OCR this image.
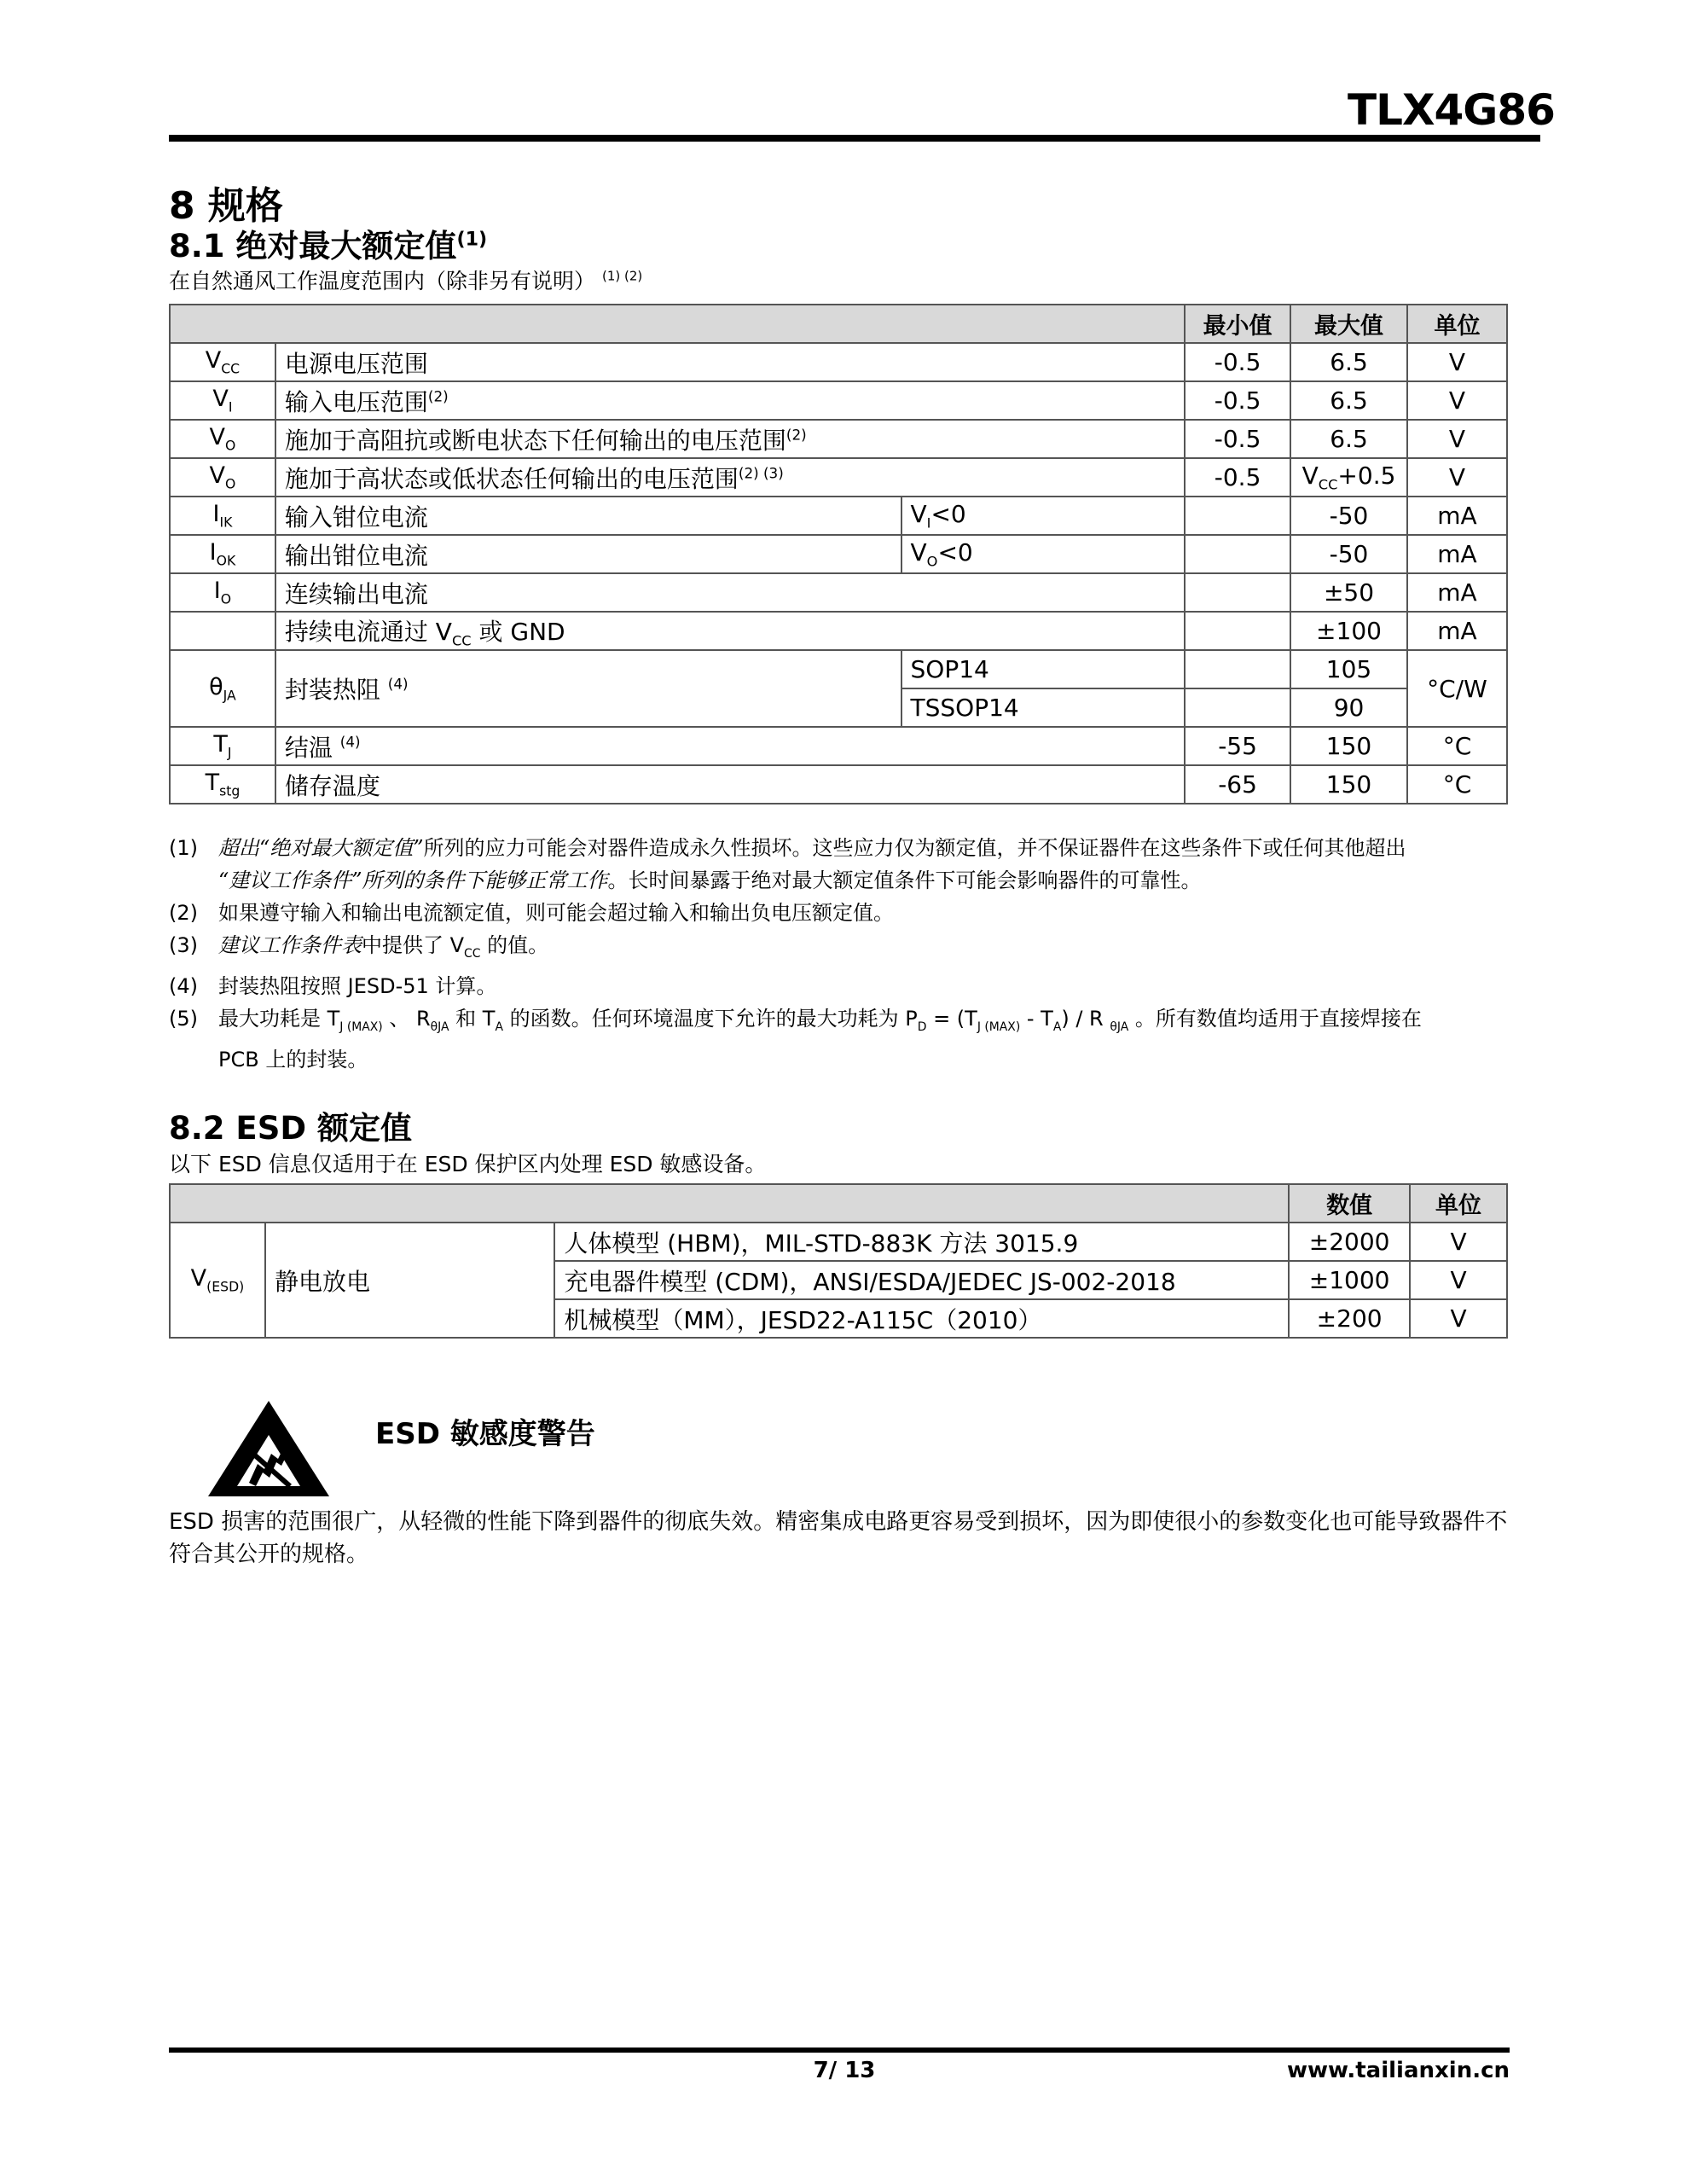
TLX4G86
8 规格
8.1 绝对最大额定值$^{(1)}$
在自然通风工作温度范围内（除非另有说明） $^{(1) (2)}$
			最小值	最大值	单位
$V_{CC}$	电源电压范围		-0.5	6.5	V
$V_I$	输入电压范围$^{(2)}$		-0.5	6.5	V
$V_O$	施加于高阻抗或断电状态下任何输出的电压范围$^{(2)}$		-0.5	6.5	V
$V_O$	施加于高状态或低状态任何输出的电压范围$^{(2) (3)}$		-0.5	$V_{CC}+0.5$	V
$I_{IK}$	输入钳位电流	$V_I<0$		-50	mA
$I_{OK}$	输出钳位电流	$V_O<0$		-50	mA
$I_O$	连续输出电流			±50	mA
	持续电流通过 $V_{CC}$ 或 GND			±100	mA
$\theta_{JA}$	封装热阻 $^{(4)}$	SOP14		105	°C/W
		TSSOP14		90	
$T_J$	结温 $^{(4)}$		-55	150	°C
$T_{stg}$	储存温度		-65	150	°C
(1)	超出“绝对最大额定值”所列的应力可能会对器件造成永久性损坏。这些应力仅为额定值，并不保证器件在这些条件下或任何其他超出
“建议工作条件”所列的条件下能够正常工作。长时间暴露于绝对最大额定值条件下可能会影响器件的可靠性。
(2)	如果遵守输入和输出电流额定值，则可能会超过输入和输出负电压额定值。
(3)	建议工作条件表中提供了 $V_{CC}$ 的值。
(4)	封装热阻按照 JESD-51 计算。
(5)	最大功耗是 $T_{J (MAX)}$ 、 $R_{\theta JA}$ 和 $T_A$ 的函数。任何环境温度下允许的最大功耗为 $P_D = (T_{J (MAX)} - T_A) / R$ $_{\theta JA}$ 。所有数值均适用于直接焊接在
PCB 上的封装。
8.2 ESD 额定值
以下 ESD 信息仅适用于在 ESD 保护区内处理 ESD 敏感设备。
			数值	单位
$V_{(ESD)}$	静电放电	人体模型 (HBM)，MIL-STD-883K 方法 3015.9	±2000	V
		充电器件模型 (CDM)，ANSI/ESDA/JEDEC JS-002-2018	±1000	V
		机械模型（MM），JESD22-A115C（2010）	±200	V
ESD 敏感度警告
ESD 损害的范围很广，从轻微的性能下降到器件的彻底失效。精密集成电路更容易受到损坏，因为即使很小的参数变化也可能导致器件不符合其公开的规格。
7/ 13	www.tailianxin.cn
